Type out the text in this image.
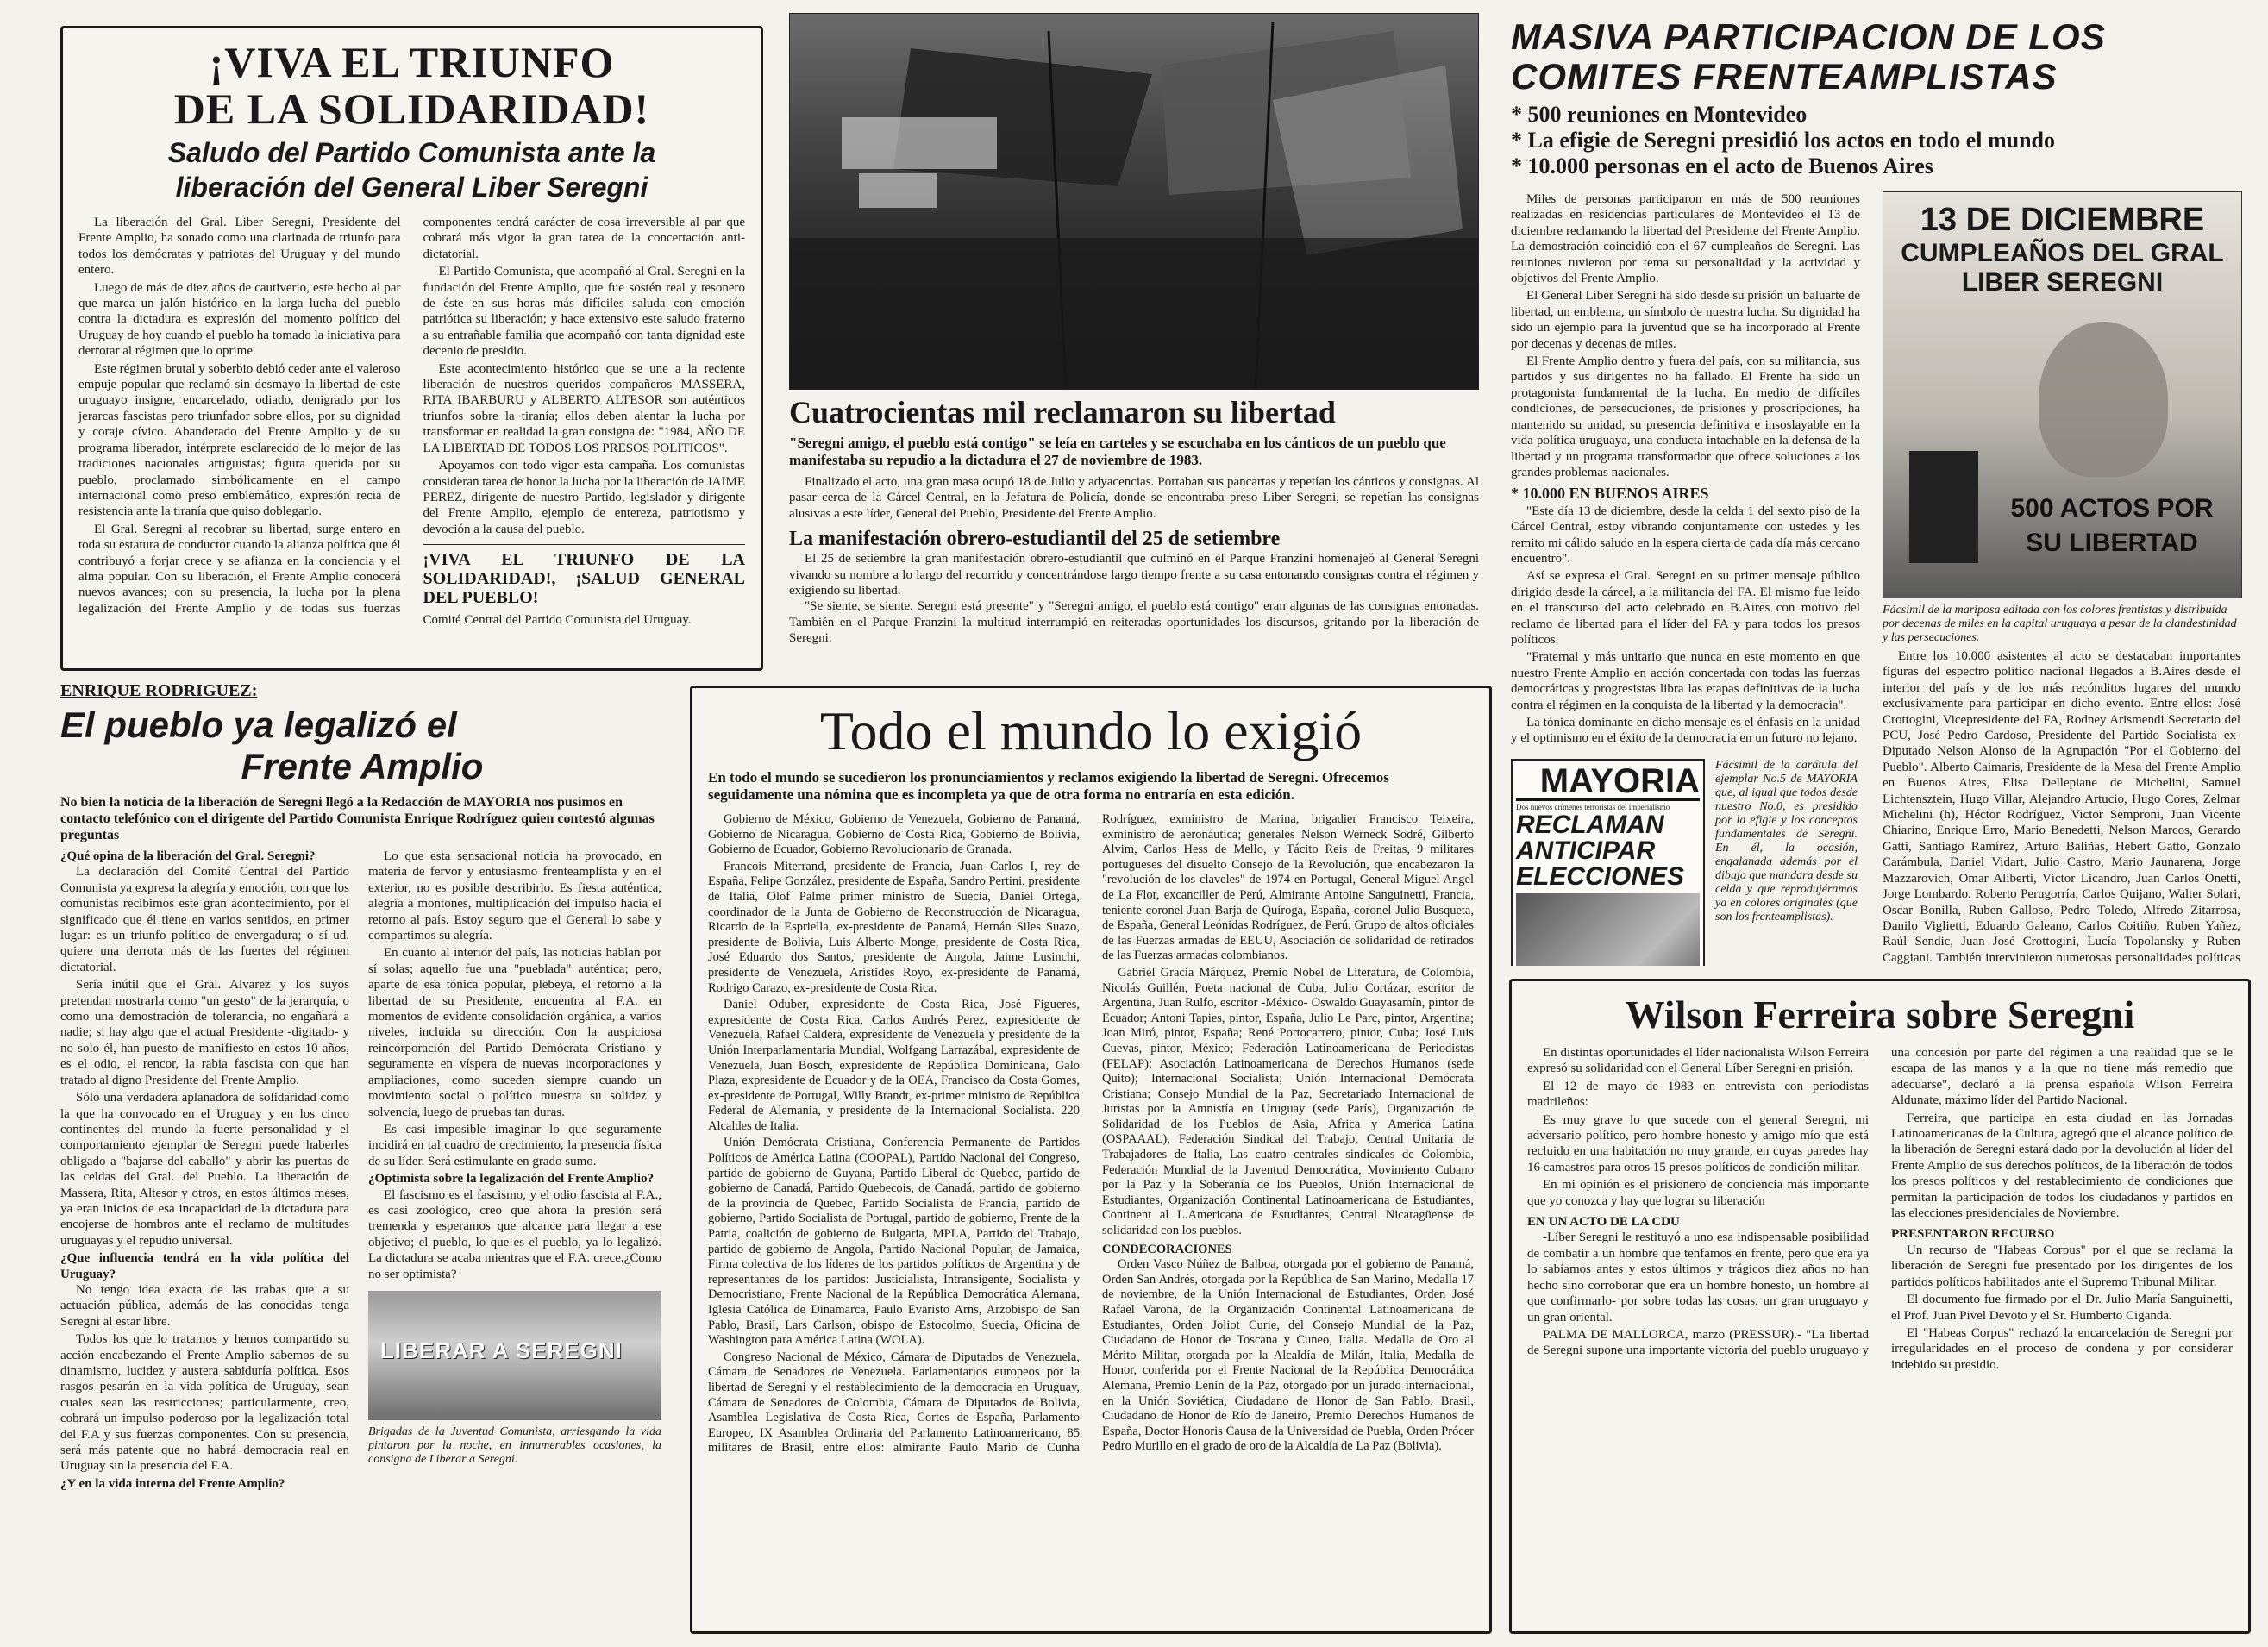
¡VIVA EL TRIUNFO
DE LA SOLIDARIDAD!
Saludo del Partido Comunista ante la
liberación del General Liber Seregni

La liberación del Gral. Liber Seregni, Presidente del Frente Amplio, ha sonado como una clarinada de triunfo para todos los demócratas y patriotas del Uruguay y del mundo entero.

Luego de más de diez años de cautiverio, este hecho al par que marca un jalón histórico en la larga lucha del pueblo contra la dictadura es expresión del momento político del Uruguay de hoy cuando el pueblo ha tomado la iniciativa para derrotar al régimen que lo oprime.

Este régimen brutal y soberbio debió ceder ante el valeroso empuje popular que reclamó sin desmayo la libertad de este uruguayo insigne, encarcelado, odiado, denigrado por los jerarcas fascistas pero triunfador sobre ellos, por su dignidad y coraje cívico. Abanderado del Frente Amplio y de su programa liberador, intérprete esclarecido de lo mejor de las tradiciones nacionales artiguistas; figura querida por su pueblo, proclamado simbólicamente en el campo internacional como preso emblemático, expresión recia de resistencia ante la tiranía que quiso doblegarlo.

El Gral. Seregni al recobrar su libertad, surge entero en toda su estatura de conductor cuando la alianza política que él contribuyó a forjar crece y se afianza en la conciencia y el alma popular. Con su liberación, el Frente Amplio conocerá nuevos avances; con su presencia, la lucha por la plena legalización del Frente Amplio y de todas sus fuerzas componentes tendrá carácter de cosa irreversible al par que cobrará más vigor la gran tarea de la concertación anti-dictatorial.

El Partido Comunista, que acompañó al Gral. Seregni en la fundación del Frente Amplio, que fue sostén real y tesonero de éste en sus horas más difíciles saluda con emoción patriótica su liberación; y hace extensivo este saludo fraterno a su entrañable familia que acompañó con tanta dignidad este decenio de presidio.

Este acontecimiento histórico que se une a la reciente liberación de nuestros queridos compañeros MASSERA, RITA IBARBURU y ALBERTO ALTESOR son auténticos triunfos sobre la tiranía; ellos deben alentar la lucha por transformar en realidad la gran consigna de: "1984, AÑO DE LA LIBERTAD DE TODOS LOS PRESOS POLITICOS".

Apoyamos con todo vigor esta campaña. Los comunistas consideran tarea de honor la lucha por la liberación de JAIME PEREZ, dirigente de nuestro Partido, legislador y dirigente del Frente Amplio, ejemplo de entereza, patriotismo y devoción a la causa del pueblo.

¡VIVA EL TRIUNFO DE LA SOLIDARIDAD!, ¡SALUD GENERAL DEL PUEBLO!
Comité Central del Partido Comunista del Uruguay.
Cuatrocientas mil reclamaron su libertad
"Seregni amigo, el pueblo está contigo" se leía en carteles y se escuchaba en los cánticos de un pueblo que manifestaba su repudio a la dictadura el 27 de noviembre de 1983.
Finalizado el acto, una gran masa ocupó 18 de Julio y adyacencias. Portaban sus pancartas y repetían los cánticos y consignas. Al pasar cerca de la Cárcel Central, en la Jefatura de Policía, donde se encontraba preso Liber Seregni, se repetían las consignas alusivas a este líder, General del Pueblo, Presidente del Frente Amplio.
La manifestación obrero-estudiantil del 25 de setiembre
El 25 de setiembre la gran manifestación obrero-estudiantil que culminó en el Parque Franzini homenajeó al General Seregni vivando su nombre a lo largo del recorrido y concentrándose largo tiempo frente a su casa entonando consignas contra el régimen y exigiendo su libertad.
"Se siente, se siente, Seregni está presente" y "Seregni amigo, el pueblo está contigo" eran algunas de las consignas entonadas. También en el Parque Franzini la multitud interrumpió en reiteradas oportunidades los discursos, gritando por la liberación de Seregni.
MASIVA PARTICIPACION DE LOS
COMITES FRENTEAMPLISTAS

* 500 reuniones en Montevideo

* La efigie de Seregni presidió los actos en todo el mundo

* 10.000 personas en el acto de Buenos Aires

Miles de personas participaron en más de 500 reuniones realizadas en residencias particulares de Montevideo el 13 de diciembre reclamando la libertad del Presidente del Frente Amplio. La demostración coincidió con el 67 cumpleaños de Seregni. Las reuniones tuvieron por tema su personalidad y la actividad y objetivos del Frente Amplio.

El General Líber Seregni ha sido desde su prisión un baluarte de libertad, un emblema, un símbolo de nuestra lucha. Su dignidad ha sido un ejemplo para la juventud que se ha incorporado al Frente por decenas y decenas de miles.

El Frente Amplio dentro y fuera del país, con su militancia, sus partidos y sus dirigentes no ha fallado. El Frente ha sido un protagonista fundamental de la lucha. En medio de difíciles condiciones, de persecuciones, de prisiones y proscripciones, ha mantenido su unidad, su presencia definitiva e insoslayable en la vida política uruguaya, una conducta intachable en la defensa de la libertad y un programa transformador que ofrece soluciones a los grandes problemas nacionales.

* 10.000 EN BUENOS AIRES

"Este día 13 de diciembre, desde la celda 1 del sexto piso de la Cárcel Central, estoy vibrando conjuntamente con ustedes y les remito mi cálido saludo en la espera cierta de cada día más cercano encuentro".

Así se expresa el Gral. Seregni en su primer mensaje público dirigido desde la cárcel, a la militancia del FA. El mismo fue leído en el transcurso del acto celebrado en B.Aires con motivo del reclamo de libertad para el líder del FA y para todos los presos políticos.

"Fraternal y más unitario que nunca en este momento en que nuestro Frente Amplio en acción concertada con todas las fuerzas democráticas y progresistas libra las etapas definitivas de la lucha contra el régimen en la conquista de la libertad y la democracia".

La tónica dominante en dicho mensaje es el énfasis en la unidad y el optimismo en el éxito de la democracia en un futuro no lejano.

MAYORIA
Dos nuevos crímenes terroristas del imperialismo
RECLAMAN
ANTICIPAR
ELECCIONES
Fácsimil de la carátula del ejemplar No.5 de MAYORIA que, al igual que todos desde nuestro No.0, es presidido por la efigie y los conceptos fundamentales de Seregni. En él, la ocasión, engalanada además por el dibujo que mandara desde su celda y que reprodujéramos ya en colores originales (que son los frenteamplistas).
13 DE DICIEMBRE
CUMPLEAÑOS DEL GRAL
LIBER SEREGNI
500 ACTOS POR
SU LIBERTAD
Fácsimil de la mariposa editada con los colores frentistas y distribuída por decenas de miles en la capital uruguaya a pesar de la clandestinidad y las persecuciones.

Entre los 10.000 asistentes al acto se destacaban importantes figuras del espectro político nacional llegados a B.Aires desde el interior del país y de los más recónditos lugares del mundo exclusivamente para participar en dicho evento. Entre ellos: José Crottogini, Vicepresidente del FA, Rodney Arismendi Secretario del PCU, José Pedro Cardoso, Presidente del Partido Socialista ex-Diputado Nelson Alonso de la Agrupación "Por el Gobierno del Pueblo". Alberto Caimaris, Presidente de la Mesa del Frente Amplio en Buenos Aires, Elisa Dellepiane de Michelini, Samuel Lichtensztein, Hugo Villar, Alejandro Artucio, Hugo Cores, Zelmar Michelini (h), Héctor Rodríguez, Victor Semproni, Juan Vicente Chiarino, Enrique Erro, Mario Benedetti, Nelson Marcos, Gerardo Gatti, Santiago Ramírez, Arturo Baliñas, Hebert Gatto, Gonzalo Carámbula, Daniel Vidart, Julio Castro, Mario Jaunarena, Jorge Mazzarovich, Omar Aliberti, Víctor Licandro, Juan Carlos Onetti, Jorge Lombardo, Roberto Perugorría, Carlos Quijano, Walter Solari, Oscar Bonilla, Ruben Galloso, Pedro Toledo, Alfredo Zitarrosa, Danilo Viglietti, Eduardo Galeano, Carlos Coitiño, Ruben Yañez, Raúl Sendic, Juan José Crottogini, Lucía Topolansky y Ruben Caggiani. También intervinieron numerosas personalidades políticas

ENRIQUE RODRIGUEZ:
El pueblo ya legalizó el
Frente Amplio
No bien la noticia de la liberación de Seregni llegó a la Redacción de MAYORIA nos pusimos en contacto telefónico con el dirigente del Partido Comunista Enrique Rodríguez quien contestó algunas preguntas
¿Qué opina de la liberación del Gral. Seregni?

La declaración del Comité Central del Partido Comunista ya expresa la alegría y emoción, con que los comunistas recibimos este gran acontecimiento, por el significado que él tiene en varios sentidos, en primer lugar: es un triunfo político de envergadura; o sí ud. quiere una derrota más de las fuertes del régimen dictatorial.

Sería inútil que el Gral. Alvarez y los suyos pretendan mostrarla como "un gesto" de la jerarquía, o como una demostración de tolerancia, no engañará a nadie; si hay algo que el actual Presidente -digitado- y no solo él, han puesto de manifiesto en estos 10 años, es el odio, el rencor, la rabia fascista con que han tratado al digno Presidente del Frente Amplio.

Sólo una verdadera aplanadora de solidaridad como la que ha convocado en el Uruguay y en los cinco continentes del mundo la fuerte personalidad y el comportamiento ejemplar de Seregni puede haberles obligado a "bajarse del caballo" y abrir las puertas de las celdas del Gral. del Pueblo. La liberación de Massera, Rita, Altesor y otros, en estos últimos meses, ya eran inicios de esa incapacidad de la dictadura para encojerse de hombros ante el reclamo de multitudes uruguayas y el repudio universal.

¿Que influencia tendrá en la vida política del Uruguay?

No tengo idea exacta de las trabas que a su actuación pública, además de las conocidas tenga Seregni al estar libre.

Todos los que lo tratamos y hemos compartido su acción encabezando el Frente Amplio sabemos de su dinamismo, lucidez y austera sabiduría política. Esos rasgos pesarán en la vida política de Uruguay, sean cuales sean las restricciones; particularmente, creo, cobrará un impulso poderoso por la legalización total del F.A y sus fuerzas componentes. Con su presencia, será más patente que no habrá democracia real en Uruguay sin la presencia del F.A.

¿Y en la vida interna del Frente Amplio?

Lo que esta sensacional noticia ha provocado, en materia de fervor y entusiasmo frenteamplista y en el exterior, no es posible describirlo. Es fiesta auténtica, alegría a montones, multiplicación del impulso hacia el retorno al país. Estoy seguro que el General lo sabe y compartimos su alegría.

En cuanto al interior del país, las noticias hablan por sí solas; aquello fue una "pueblada" auténtica; pero, aparte de esa tónica popular, plebeya, el retorno a la libertad de su Presidente, encuentra al F.A. en momentos de evidente consolidación orgánica, a varios niveles, incluida su dirección. Con la auspiciosa reincorporación del Partido Demócrata Cristiano y seguramente en víspera de nuevas incorporaciones y ampliaciones, como suceden siempre cuando un movimiento social o político muestra su solidez y solvencia, luego de pruebas tan duras.

Es casi imposible imaginar lo que seguramente incidirá en tal cuadro de crecimiento, la presencia física de su líder. Será estimulante en grado sumo.

¿Optimista sobre la legalización del Frente Amplio?

El fascismo es el fascismo, y el odio fascista al F.A., es casi zoológico, creo que ahora la presión será tremenda y esperamos que alcance para llegar a ese objetivo; el pueblo, lo que es el pueblo, ya lo legalizó. La dictadura se acaba mientras que el F.A. crece.¿Como no ser optimista?

LIBERAR A SEREGNI
Brigadas de la Juventud Comunista, arriesgando la vida pintaron por la noche, en innumerables ocasiones, la consigna de Liberar a Seregni.
Todo el mundo lo exigió
En todo el mundo se sucedieron los pronunciamientos y reclamos exigiendo la libertad de Seregni. Ofrecemos seguidamente una nómina que es incompleta ya que de otra forma no entraría en esta edición.

Gobierno de México, Gobierno de Venezuela, Gobierno de Panamá, Gobierno de Nicaragua, Gobierno de Costa Rica, Gobierno de Bolivia, Gobierno de Ecuador, Gobierno Revolucionario de Granada.

Francois Miterrand, presidente de Francia, Juan Carlos I, rey de España, Felipe González, presidente de España, Sandro Pertini, presidente de Italia, Olof Palme primer ministro de Suecia, Daniel Ortega, coordinador de la Junta de Gobierno de Reconstrucción de Nicaragua, Ricardo de la Espriella, ex-presidente de Panamá, Hernán Siles Suazo, presidente de Bolivia, Luis Alberto Monge, presidente de Costa Rica, José Eduardo dos Santos, presidente de Angola, Jaime Lusinchi, presidente de Venezuela, Arístides Royo, ex-presidente de Panamá, Rodrigo Carazo, ex-presidente de Costa Rica.

Daniel Oduber, expresidente de Costa Rica, José Figueres, expresidente de Costa Rica, Carlos Andrés Perez, expresidente de Venezuela, Rafael Caldera, expresidente de Venezuela y presidente de la Unión Interparlamentaria Mundial, Wolfgang Larrazábal, expresidente de Venezuela, Juan Bosch, expresidente de República Dominicana, Galo Plaza, expresidente de Ecuador y de la OEA, Francisco da Costa Gomes, ex-presidente de Portugal, Willy Brandt, ex-primer ministro de República Federal de Alemania, y presidente de la Internacional Socialista. 220 Alcaldes de Italia.

Unión Demócrata Cristiana, Conferencia Permanente de Partidos Políticos de América Latina (COOPAL), Partido Nacional del Congreso, partido de gobierno de Guyana, Partido Liberal de Quebec, partido de gobierno de Canadá, Partido Quebecois, de Canadá, partido de gobierno de la provincia de Quebec, Partido Socialista de Francia, partido de gobierno, Partido Socialista de Portugal, partido de gobierno, Frente de la Patria, coalición de gobierno de Bulgaria, MPLA, Partido del Trabajo, partido de gobierno de Angola, Partido Nacional Popular, de Jamaica, Firma colectiva de los líderes de los partidos políticos de Argentina y de representantes de los partidos: Justicialista, Intransigente, Socialista y Democristiano, Frente Nacional de la República Democrática Alemana, Iglesia Católica de Dinamarca, Paulo Evaristo Arns, Arzobispo de San Pablo, Brasil, Lars Carlson, obispo de Estocolmo, Suecia, Oficina de Washington para América Latina (WOLA).

Congreso Nacional de México, Cámara de Diputados de Venezuela, Cámara de Senadores de Venezuela. Parlamentarios europeos por la libertad de Seregni y el restablecimiento de la democracia en Uruguay, Cámara de Senadores de Colombia, Cámara de Diputados de Bolivia, Asamblea Legislativa de Costa Rica, Cortes de España, Parlamento Europeo, IX Asamblea Ordinaria del Parlamento Latinoamericano, 85 militares de Brasil, entre ellos: almirante Paulo Mario de Cunha Rodríguez, exministro de Marina, brigadier Francisco Teixeira, exministro de aeronáutica; generales Nelson Werneck Sodré, Gilberto Alvim, Carlos Hess de Mello, y Tácito Reis de Freitas, 9 militares portugueses del disuelto Consejo de la Revolución, que encabezaron la "revolución de los claveles" de 1974 en Portugal, General Miguel Angel de La Flor, excanciller de Perú, Almirante Antoine Sanguinetti, Francia, teniente coronel Juan Barja de Quiroga, España, coronel Julio Busqueta, de España, General Leónidas Rodríguez, de Perú, Grupo de altos oficiales de las Fuerzas armadas de EEUU, Asociación de solidaridad de retirados de las Fuerzas armadas colombianos.

Gabriel Gracía Márquez, Premio Nobel de Literatura, de Colombia, Nicolás Guillén, Poeta nacional de Cuba, Julio Cortázar, escritor de Argentina, Juan Rulfo, escritor -México- Oswaldo Guayasamín, pintor de Ecuador; Antoni Tapies, pintor, España, Julio Le Parc, pintor, Argentina; Joan Miró, pintor, España; René Portocarrero, pintor, Cuba; José Luis Cuevas, pintor, México; Federación Latinoamericana de Periodistas (FELAP); Asociación Latinoamericana de Derechos Humanos (sede Quito); Internacional Socialista; Unión Internacional Demócrata Cristiana; Consejo Mundial de la Paz, Secretariado Internacional de Juristas por la Amnistía en Uruguay (sede París), Organización de Solidaridad de los Pueblos de Asia, Africa y America Latina (OSPAAAL), Federación Sindical del Trabajo, Central Unitaria de Trabajadores de Italia, Las cuatro centrales sindicales de Colombia, Federación Mundial de la Juventud Democrática, Movimiento Cubano por la Paz y la Soberanía de los Pueblos, Unión Internacional de Estudiantes, Organización Continental Latinoamericana de Estudiantes, Continent al L.Americana de Estudiantes, Central Nicaragüense de solidaridad con los pueblos.

CONDECORACIONES

Orden Vasco Núñez de Balboa, otorgada por el gobierno de Panamá, Orden San Andrés, otorgada por la República de San Marino, Medalla 17 de noviembre, de la Unión Internacional de Estudiantes, Orden José Rafael Varona, de la Organización Continental Latinoamericana de Estudiantes, Orden Joliot Curie, del Consejo Mundial de la Paz, Ciudadano de Honor de Toscana y Cuneo, Italia. Medalla de Oro al Mérito Militar, otorgada por la Alcaldía de Milán, Italia, Medalla de Honor, conferida por el Frente Nacional de la República Democrática Alemana, Premio Lenin de la Paz, otorgado por un jurado internacional, en la Unión Soviética, Ciudadano de Honor de San Pablo, Brasil, Ciudadano de Honor de Río de Janeiro, Premio Derechos Humanos de España, Doctor Honoris Causa de la Universidad de Puebla, Orden Prócer Pedro Murillo en el grado de oro de la Alcaldía de La Paz (Bolivia).

Wilson Ferreira sobre Seregni

En distintas oportunidades el líder nacionalista Wilson Ferreira expresó su solidaridad con el General Líber Seregni en prisión.

El 12 de mayo de 1983 en entrevista con periodistas madrileños:

Es muy grave lo que sucede con el general Seregni, mi adversario político, pero hombre honesto y amigo mío que está recluido en una habitación no muy grande, en cuyas paredes hay 16 camastros para otros 15 presos políticos de condición militar.

En mi opinión es el prisionero de conciencia más importante que yo conozca y hay que lograr su liberación

EN UN ACTO DE LA CDU

-Líber Seregni le restituyó a uno esa indispensable posibilidad de combatir a un hombre que tenfamos en frente, pero que era ya lo sabíamos antes y estos últimos y trágicos diez años no han hecho sino corroborar que era un hombre honesto, un hombre al que confirmarlo- por sobre todas las cosas, un gran uruguayo y un gran oriental.

PALMA DE MALLORCA, marzo (PRESSUR).- "La libertad de Seregni supone una importante victoria del pueblo uruguayo y una concesión por parte del régimen a una realidad que se le escapa de las manos y a la que no tiene más remedio que adecuarse", declaró a la prensa española Wilson Ferreira Aldunate, máximo líder del Partido Nacional.

Ferreira, que participa en esta ciudad en las Jornadas Latinoamericanas de la Cultura, agregó que el alcance político de la liberación de Seregni estará dado por la devolución al líder del Frente Amplio de sus derechos políticos, de la liberación de todos los presos políticos y del restablecimiento de condiciones que permitan la participación de todos los ciudadanos y partidos en las elecciones presidenciales de Noviembre.

PRESENTARON RECURSO

Un recurso de "Habeas Corpus" por el que se reclama la liberación de Seregni fue presentado por los dirigentes de los partidos políticos habilitados ante el Supremo Tribunal Militar.

El documento fue firmado por el Dr. Julio María Sanguinetti, el Prof. Juan Pivel Devoto y el Sr. Humberto Ciganda.

El "Habeas Corpus" rechazó la encarcelación de Seregni por irregularidades en el proceso de condena y por considerar indebido su presidio.
